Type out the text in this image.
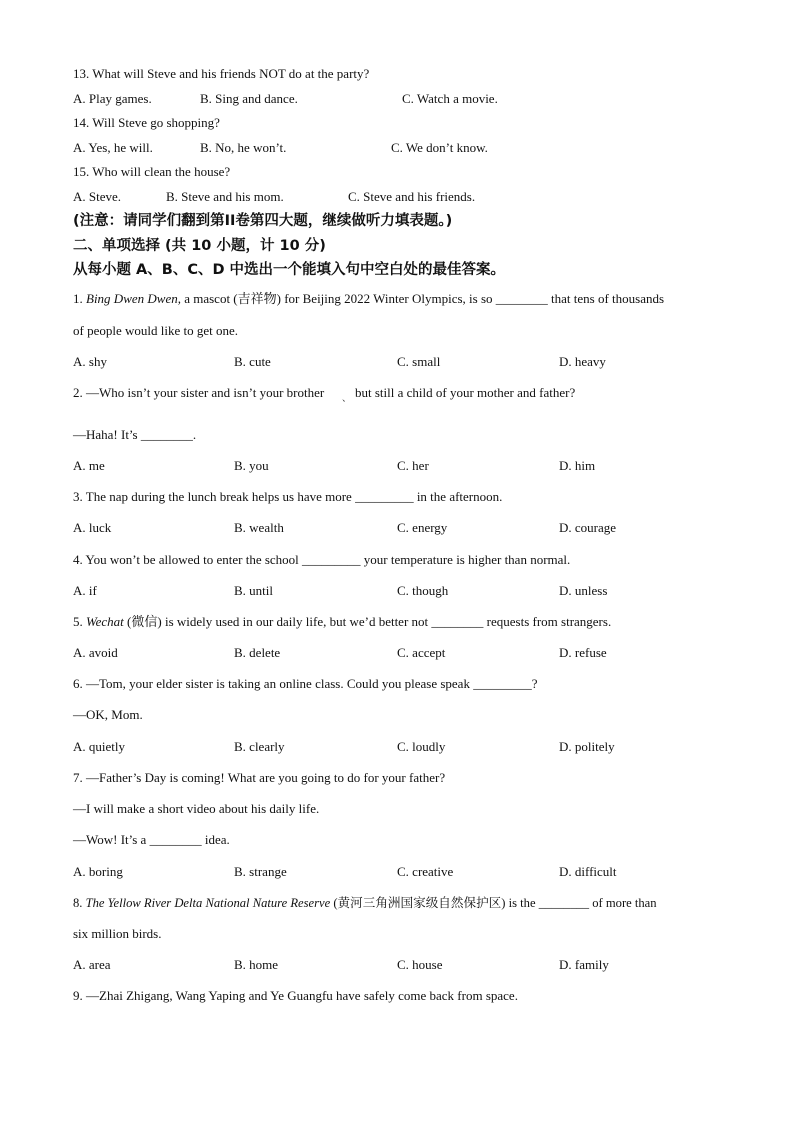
13. What will Steve and his friends NOT do at the party?
A. Play games.	B. Sing and dance.	C. Watch a movie.
14. Will Steve go shopping?
A. Yes, he will.	B. No, he won’t.	C. We don’t know.
15. Who will clean the house?
A. Steve.	B. Steve and his mom.	C. Steve and his friends.
(注意：请同学们翻到第II卷第四大题，继续做听力填表题。)
二、单项选择 (共 10 小题，计 10 分)
从每小题 A、B、C、D 中选出一个能填入句中空白处的最佳答案。
1. Bing Dwen Dwen, a mascot (吉祥物) for Beijing 2022 Winter Olympics, is so ________ that tens of thousands
of people would like to get one.
A. shy	B. cute	C. small	D. heavy
2. —Who isn’t your sister and isn’t your brother 、 but still a child of your mother and father?
—Haha! It’s ________.
A. me	B. you	C. her	D. him
3. The nap during the lunch break helps us have more _________ in the afternoon.
A. luck	B. wealth	C. energy	D. courage
4. You won’t be allowed to enter the school _________ your temperature is higher than normal.
A. if	B. until	C. though	D. unless
5. Wechat (微信) is widely used in our daily life, but we’d better not ________ requests from strangers.
A. avoid	B. delete	C. accept	D. refuse
6. —Tom, your elder sister is taking an online class. Could you please speak _________?
—OK, Mom.
A. quietly	B. clearly	C. loudly	D. politely
7. —Father’s Day is coming! What are you going to do for your father?
—I will make a short video about his daily life.
—Wow! It’s a ________ idea.
A. boring	B. strange	C. creative	D. difficult
8. The Yellow River Delta National Nature Reserve (黄河三角洲国家级自然保护区) is the ________ of more than
six million birds.
A. area	B. home	C. house	D. family
9. —Zhai Zhigang, Wang Yaping and Ye Guangfu have safely come back from space.
